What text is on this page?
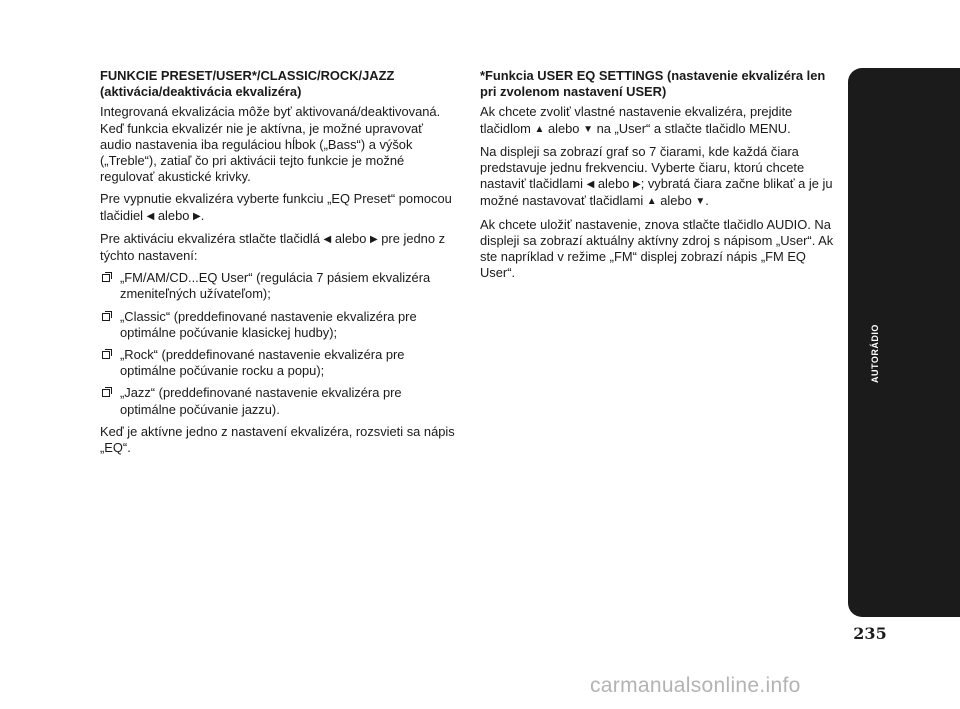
FUNKCIE PRESET/USER*/CLASSIC/ROCK/JAZZ (aktivácia/deaktivácia ekvalizéra)

Integrovaná ekvalizácia môže byť aktivovaná/deaktivovaná. Keď funkcia ekvalizér nie je aktívna, je možné upravovať audio nastavenia iba reguláciou hĺbok („Bass“) a výšok („Treble“), zatiaľ čo pri aktivácii tejto funkcie je možné regulovať akustické krivky.

Pre vypnutie ekvalizéra vyberte funkciu „EQ Preset“ pomocou tlačidiel ◀ alebo ▶.

Pre aktiváciu ekvalizéra stlačte tlačidlá ◀ alebo ▶ pre jedno z týchto nastavení:

„FM/AM/CD...EQ User“ (regulácia 7 pásiem ekvalizéra zmeniteľných užívateľom);
„Classic“ (preddefinované nastavenie ekvalizéra pre optimálne počúvanie klasickej hudby);
„Rock“ (preddefinované nastavenie ekvalizéra pre optimálne počúvanie rocku a popu);
„Jazz“ (preddefinované nastavenie ekvalizéra pre optimálne počúvanie jazzu).

Keď je aktívne jedno z nastavení ekvalizéra, rozsvieti sa nápis „EQ“.

*Funkcia USER EQ SETTINGS (nastavenie ekvalizéra len pri zvolenom nastavení USER)

Ak chcete zvoliť vlastné nastavenie ekvalizéra, prejdite tlačidlom ▲ alebo ▼ na „User“ a stlačte tlačidlo MENU.

Na displeji sa zobrazí graf so 7 čiarami, kde každá čiara predstavuje jednu frekvenciu. Vyberte čiaru, ktorú chcete nastaviť tlačidlami ◀ alebo ▶; vybratá čiara začne blikať a je ju možné nastavovať tlačidlami ▲ alebo ▼.

Ak chcete uložiť nastavenie, znova stlačte tlačidlo AUDIO. Na displeji sa zobrazí aktuálny aktívny zdroj s nápisom „User“. Ak ste napríklad v režime „FM“ displej zobrazí nápis „FM EQ User“.

AUTORÁDIO
235
carmanualsonline.info
